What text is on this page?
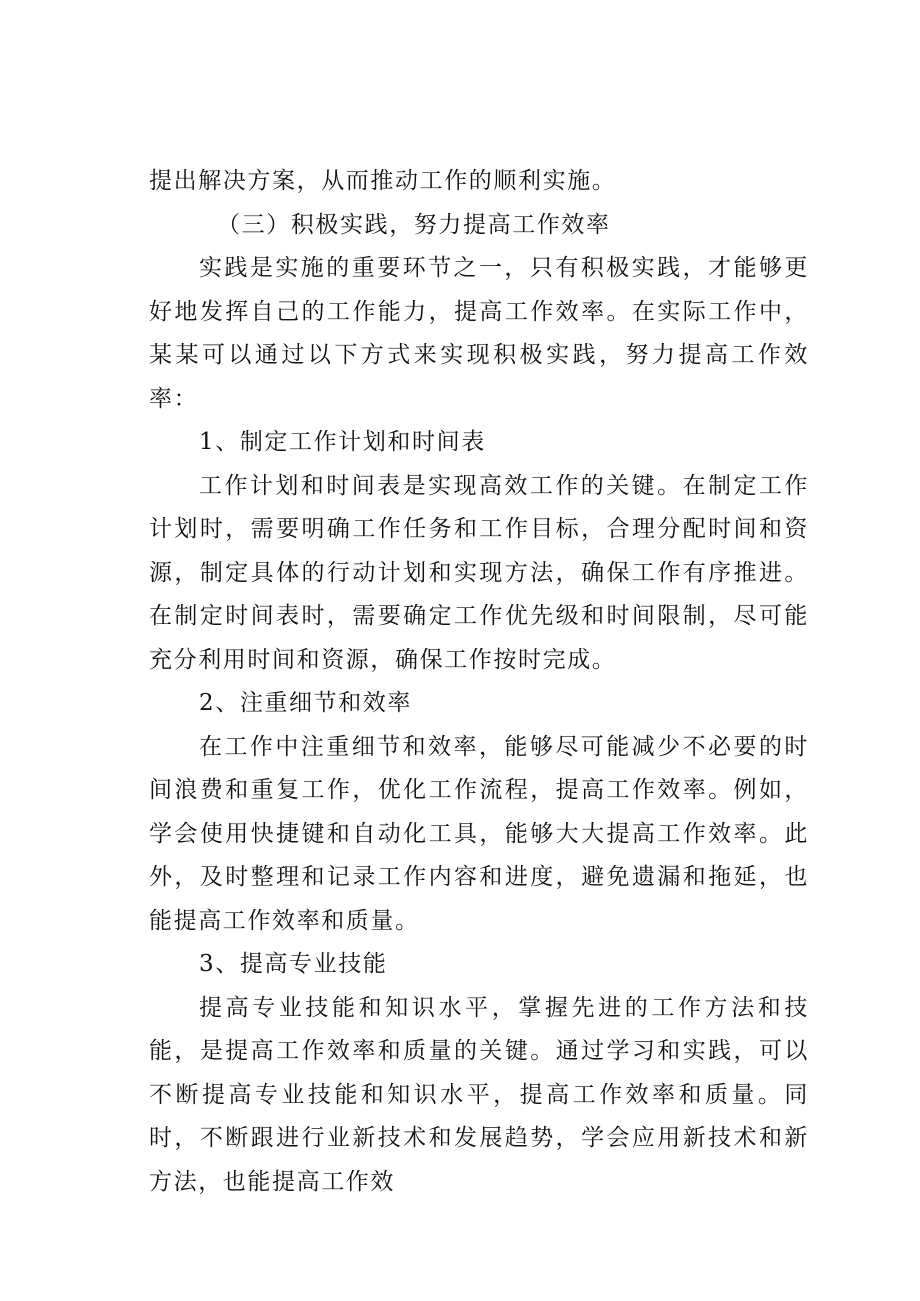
提出解决方案，从而推动工作的顺利实施。

（三）积极实践，努力提高工作效率

实践是实施的重要环节之一，只有积极实践，才能够更好地发挥自己的工作能力，提高工作效率。在实际工作中，某某可以通过以下方式来实现积极实践，努力提高工作效率：

1、制定工作计划和时间表

工作计划和时间表是实现高效工作的关键。在制定工作计划时，需要明确工作任务和工作目标，合理分配时间和资源，制定具体的行动计划和实现方法，确保工作有序推进。在制定时间表时，需要确定工作优先级和时间限制，尽可能充分利用时间和资源，确保工作按时完成。

2、注重细节和效率

在工作中注重细节和效率，能够尽可能减少不必要的时间浪费和重复工作，优化工作流程，提高工作效率。例如，学会使用快捷键和自动化工具，能够大大提高工作效率。此外，及时整理和记录工作内容和进度，避免遗漏和拖延，也能提高工作效率和质量。

3、提高专业技能

提高专业技能和知识水平，掌握先进的工作方法和技能，是提高工作效率和质量的关键。通过学习和实践，可以不断提高专业技能和知识水平，提高工作效率和质量。同时，不断跟进行业新技术和发展趋势，学会应用新技术和新方法，也能提高工作效
